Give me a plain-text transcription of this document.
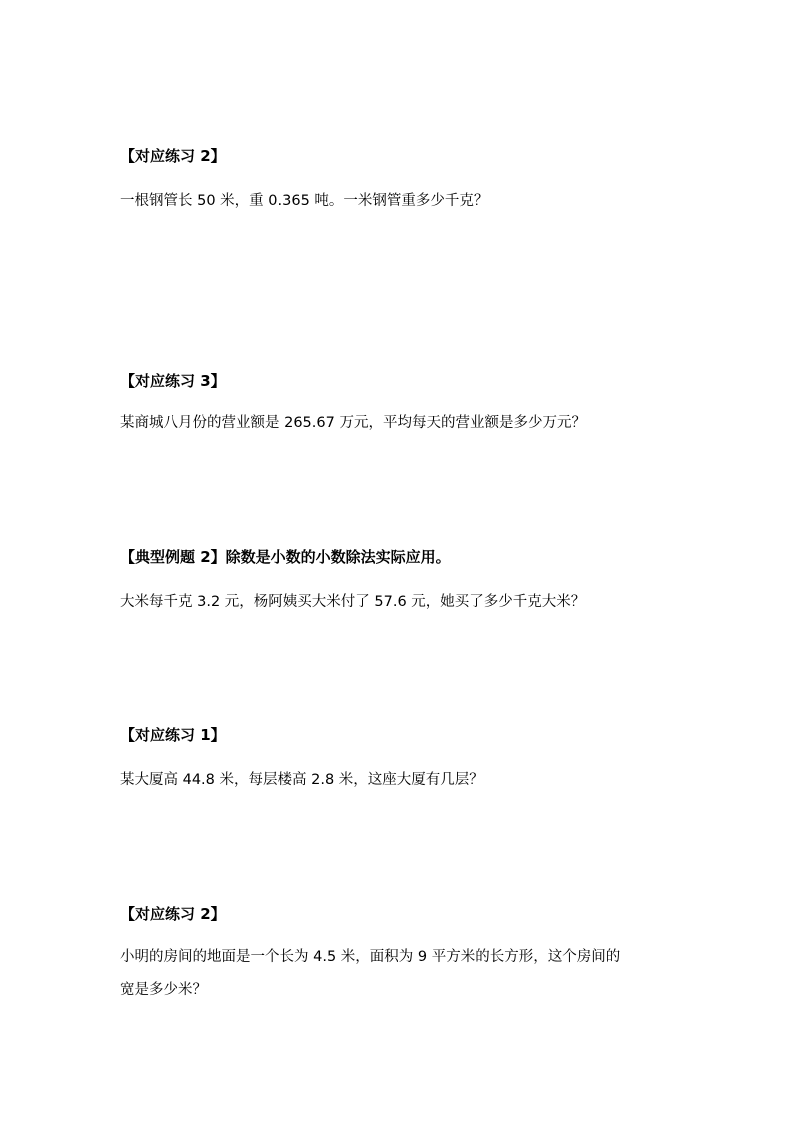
【对应练习 2】
一根钢管长 50 米，重 0.365 吨。一米钢管重多少千克？
【对应练习 3】
某商城八月份的营业额是 265.67 万元，平均每天的营业额是多少万元？
【典型例题 2】除数是小数的小数除法实际应用。
大米每千克 3.2 元，杨阿姨买大米付了 57.6 元，她买了多少千克大米？
【对应练习 1】
某大厦高 44.8 米，每层楼高 2.8 米，这座大厦有几层？
【对应练习 2】
小明的房间的地面是一个长为 4.5 米，面积为 9 平方米的长方形，这个房间的
宽是多少米？
